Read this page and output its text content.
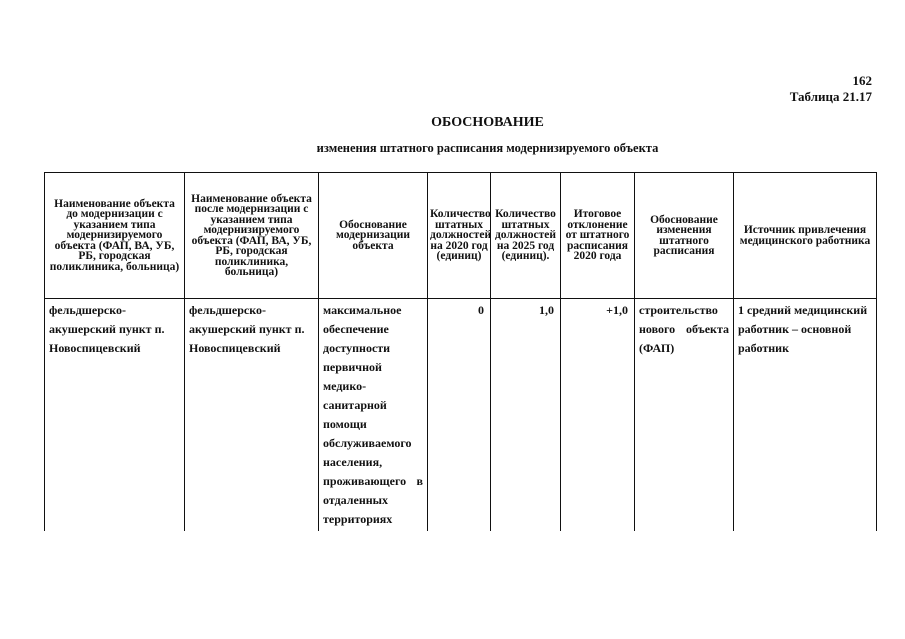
162
Таблица 21.17
ОБОСНОВАНИЕ
изменения штатного расписания модернизируемого объекта
Наименование объекта до модернизации с указанием типа модернизируемого объекта (ФАП, ВА, УБ, РБ, городская поликлиника, больница)	Наименование объекта после модернизации с указанием типа модернизируемого объекта (ФАП, ВА, УБ, РБ, городская поликлиника, больница)	Обоснование модернизации объекта	Количество штатных должностей на 2020 год (единиц)	Количество штатных должностей на 2025 год (единиц).	Итоговое отклонение от штатного расписания 2020 года	Обоснование изменения штатного расписания	Источник привлечения медицинского работника
фельдшерско-акушерский пункт п. Новоспицевский	фельдшерско-акушерский пункт п. Новоспицевский	максимальное обеспечение доступности первичной медико-санитарной помощи обслуживаемого населения, проживающего в отдаленных территориях	0	1,0	+1,0	строительство нового объекта (ФАП)	1 средний медицинский работник – основной работник
